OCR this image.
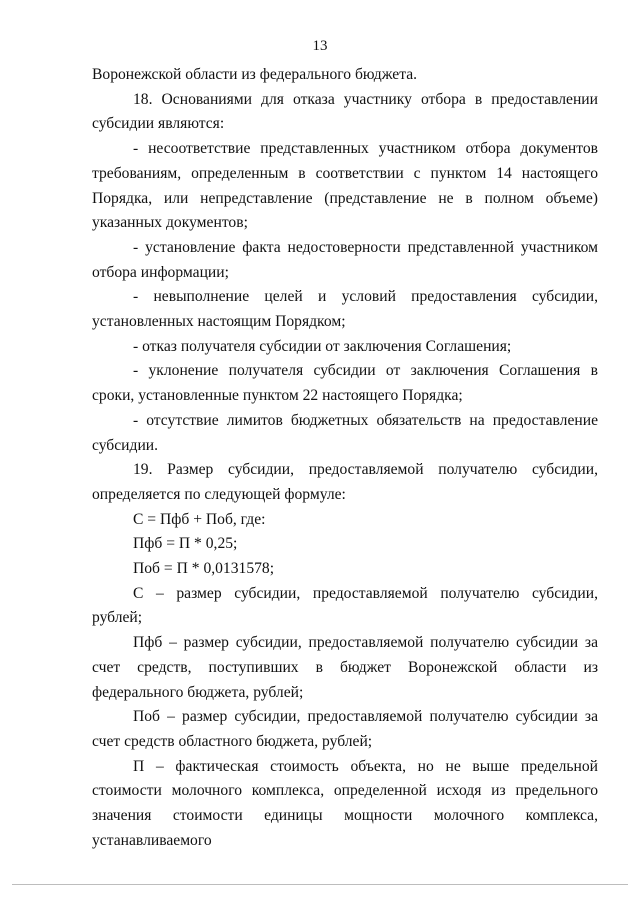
13

Воронежской области из федерального бюджета.

18. Основаниями для отказа участнику отбора в предоставлении субсидии являются:

- несоответствие представленных участником отбора документов требованиям, определенным в соответствии с пунктом 14 настоящего Порядка, или непредставление (представление не в полном объеме) указанных документов;

- установление факта недостоверности представленной участником отбора информации;

- невыполнение целей и условий предоставления субсидии, установленных настоящим Порядком;

- отказ получателя субсидии от заключения Соглашения;

- уклонение получателя субсидии от заключения Соглашения в сроки, установленные пунктом 22 настоящего Порядка;

- отсутствие лимитов бюджетных обязательств на предоставление субсидии.

19. Размер субсидии, предоставляемой получателю субсидии, определяется по следующей формуле:

С = Пфб + Поб, где:

Пфб = П * 0,25;

Поб = П * 0,0131578;

С – размер субсидии, предоставляемой получателю субсидии, рублей;

Пфб – размер субсидии, предоставляемой получателю субсидии за счет средств, поступивших в бюджет Воронежской области из федерального бюджета, рублей;

Поб – размер субсидии, предоставляемой получателю субсидии за счет средств областного бюджета, рублей;

П – фактическая стоимость объекта, но не выше предельной стоимости молочного комплекса, определенной исходя из предельного значения стоимости единицы мощности молочного комплекса, устанавливаемого
